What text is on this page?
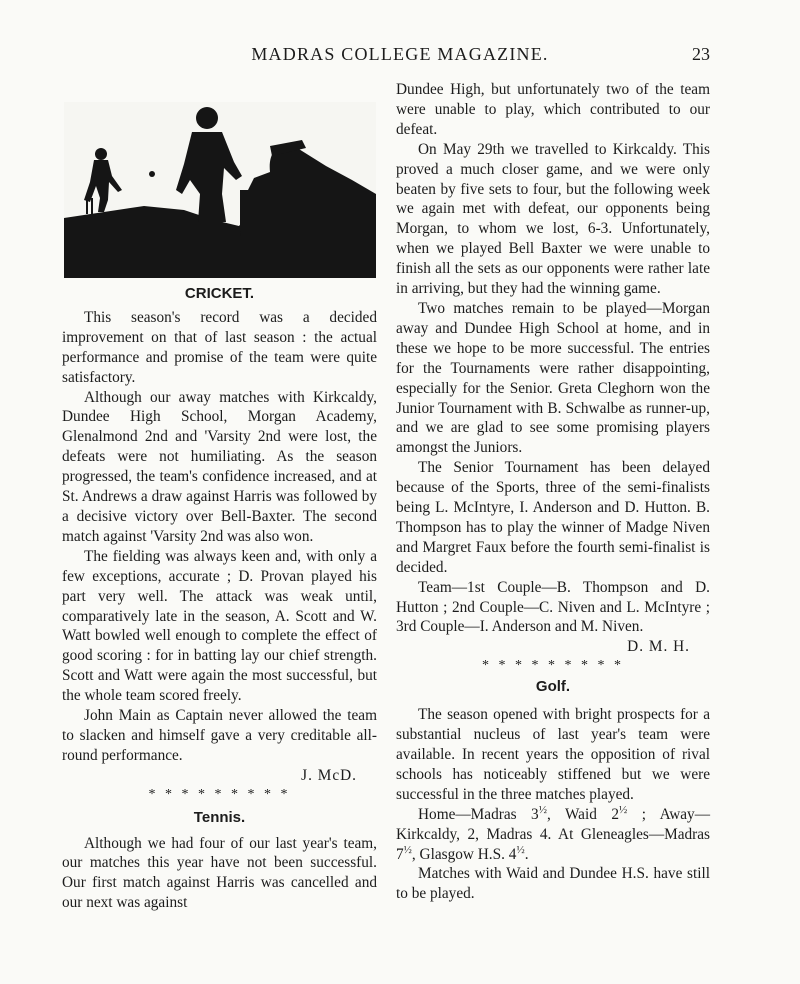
MADRAS COLLEGE MAGAZINE.	23

CRICKET.

This season's record was a decided improvement on that of last season : the actual performance and promise of the team were quite satisfactory.

Although our away matches with Kirkcaldy, Dundee High School, Morgan Academy, Glenalmond 2nd and 'Varsity 2nd were lost, the defeats were not humiliating. As the season progressed, the team's confidence increased, and at St. Andrews a draw against Harris was followed by a decisive victory over Bell-Baxter. The second match against 'Varsity 2nd was also won.

The fielding was always keen and, with only a few exceptions, accurate ; D. Provan played his part very well. The attack was weak until, comparatively late in the season, A. Scott and W. Watt bowled well enough to complete the effect of good scoring : for in batting lay our chief strength. Scott and Watt were again the most successful, but the whole team scored freely.

John Main as Captain never allowed the team to slacken and himself gave a very creditable all-round performance.

J. McD.

* * * * * * * * *

Tennis.

Although we had four of our last year's team, our matches this year have not been successful. Our first match against Harris was cancelled and our next was against

Dundee High, but unfortunately two of the team were unable to play, which contributed to our defeat.

On May 29th we travelled to Kirkcaldy. This proved a much closer game, and we were only beaten by five sets to four, but the following week we again met with defeat, our opponents being Morgan, to whom we lost, 6-3. Unfortunately, when we played Bell Baxter we were unable to finish all the sets as our opponents were rather late in arriving, but they had the winning game.

Two matches remain to be played—Morgan away and Dundee High School at home, and in these we hope to be more successful. The entries for the Tournaments were rather disappointing, especially for the Senior. Greta Cleghorn won the Junior Tournament with B. Schwalbe as runner-up, and we are glad to see some promising players amongst the Juniors.

The Senior Tournament has been delayed because of the Sports, three of the semi-finalists being L. McIntyre, I. Anderson and D. Hutton. B. Thompson has to play the winner of Madge Niven and Margret Faux before the fourth semi-finalist is decided.

Team—1st Couple—B. Thompson and D. Hutton ; 2nd Couple—C. Niven and L. McIntyre ; 3rd Couple—I. Anderson and M. Niven.

D. M. H.

* * * * * * * * *

Golf.

The season opened with bright prospects for a substantial nucleus of last year's team were available. In recent years the opposition of rival schools has noticeably stiffened but we were successful in the three matches played.

Home—Madras $3^{\frac{1}{2}}$, Waid $2^{\frac{1}{2}}$ ; Away—Kirkcaldy, 2, Madras 4. At Gleneagles—Madras $7^{\frac{1}{2}}$, Glasgow H.S. $4^{\frac{1}{2}}$.

Matches with Waid and Dundee H.S. have still to be played.
